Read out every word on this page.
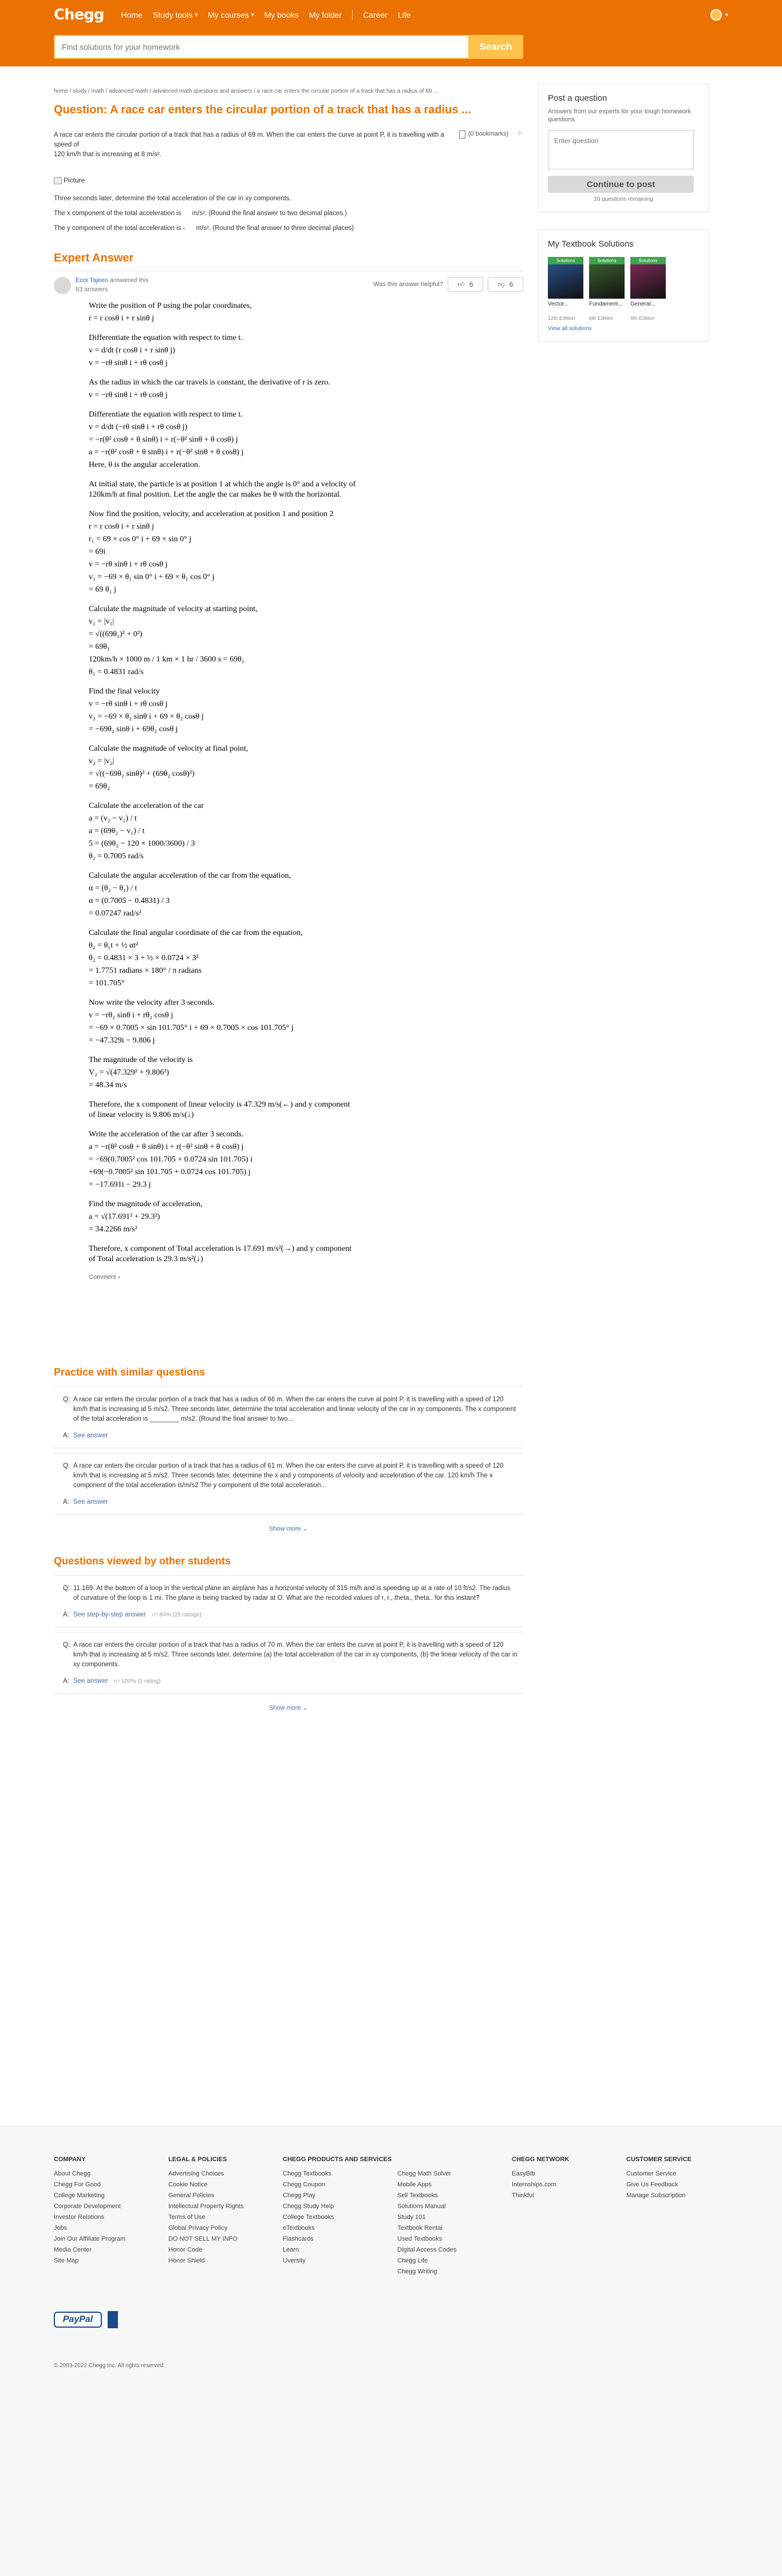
Chegg Home Study tools ▾ My courses ▾ My books My folder	Career Life	▾
Find solutions for your homework
Search
home / study / math / advanced math / advanced math questions and answers / a race car enters the circular portion of a track that has a radius of 69 ...
Question: A race car enters the circular portion of a track that has a radius ...
(0 bookmarks) ⚐

A race car enters the circular portion of a track that has a radius of 69 m. When the car enters the curve at point P, it is travelling with a speed of

120 km/h that is increasing at 8 m/s².

Picture
Three seconds later, determine the total acceleration of the car in xy components.
The x component of the total acceleration is m/s². (Round the final answer to two decimal places.)
The y component of the total acceleration is - m/s². (Round the final answer to three decimal places)
Expert Answer
Ecoi Tajeeo answered this
83 answers
Was this answer helpful? 👍︎ 6	👎︎ 6
Write the position of P using the polar coordinates,
r = r cosθ i + r sinθ j
Differentiate the equation with respect to time t.
v = d/dt (r cosθ i + r sinθ j)
v = −rθ sinθ i + rθ cosθ j
As the radius in which the car travels is constant, the derivative of r is zero.
v = −rθ sinθ i + rθ cosθ j
Differentiate the equation with respect to time t.
v = d/dt (−rθ sinθ i + rθ cosθ j)
= −r(θ² cosθ + θ sinθ) i + r(−θ² sinθ + θ cosθ) j
a = −r(θ² cosθ + θ sinθ) i + r(−θ² sinθ + θ cosθ) j
Here, θ is the angular acceleration.
At initial state, the particle is at position 1 at which the angle is 0° and a velocity of 120km/h at final position. Let the angle the car makes be θ with the horizontal.
Now find the position, velocity, and acceleration at position 1 and position 2
r = r cosθ i + r sinθ j
r₁ = 69 × cos 0° i + 69 × sin 0° j
= 69i
v = −rθ sinθ i + rθ cosθ j
v₁ = −69 × θ₁ sin 0° i + 69 × θ₁ cos 0° j
= 69 θ₁ j
Calculate the magnitude of velocity at starting point,
v₁ = |v₁|
= √((69θ₁)² + 0²)
= 69θ₁
120km/h × 1000 m / 1 km × 1 hr / 3600 s = 69θ₁
θ₁ = 0.4831 rad/s
Find the final velocity
v = −rθ sinθ i + rθ cosθ j
v₂ = −69 × θ₂ sinθ i + 69 × θ₂ cosθ j
= −69θ₂ sinθ i + 69θ₂ cosθ j
Calculate the magnitude of velocity at final point,
v₂ = |v₂|
= √((−69θ₂ sinθ)² + (69θ₂ cosθ)²)
= 69θ₂
Calculate the acceleration of the car
a = (v₂ − v₁) / t
a = (69θ₂ − v₁) / t
5 = (69θ₂ − 120 × 1000/3600) / 3
θ₂ = 0.7005 rad/s
Calculate the angular acceleration of the car from the equation,
α = (θ₂ − θ₁) / t
α = (0.7005 − 0.4831) / 3
= 0.07247 rad/s²
Calculate the final angular coordinate of the car from the equation,
θ₂ = θ₁t + ½ αt²
θ₂ = 0.4831 × 3 + ½ × 0.0724 × 3²
= 1.7751 radians × 180° / π radians
= 101.705°
Now write the velocity after 3 seconds.
v = −rθ₂ sinθ i + rθ₂ cosθ j
= −69 × 0.7005 × sin 101.705° i + 69 × 0.7005 × cos 101.705° j
= −47.329i − 9.806 j
The magnitude of the velocity is
V₂ = √(47.329² + 9.806²)
= 48.34 m/s
Therefore, the x component of linear velocity is 47.329 m/s(←) and y component of linear velocity is 9.806 m/s(↓)
Write the acceleration of the car after 3 seconds.
a = −r(θ² cosθ + θ sinθ) i + r(−θ² sinθ + θ cosθ) j
= −69(0.7005² cos 101.705 + 0.0724 sin 101.705) i
+69(−0.7005² sin 101.705 + 0.0724 cos 101.705) j
= −17.691i − 29.3 j
Find the magnitude of acceleration,
a = √(17.691² + 29.3²)
= 34.2266 m/s²
Therefore, x component of Total acceleration is 17.691 m/s²(→) and y component of Total acceleration is 29.3 m/s²(↓)
Comment ›
Practice with similar questions
Q: A race car enters the circular portion of a track that has a radius of 66 m. When the car enters the curve at point P, it is travelling with a speed of 120 km/h that is increasing at 5 m/s2. Three seconds later, determine the total acceleration and linear velocity of the car in xy components. The x component of the total acceleration is ________ m/s2. (Round the final answer to two...
A: See answer
Q: A race car enters the circular portion of a track that has a radius of 61 m. When the car enters the curve at point P, it is travelling with a speed of 120 km/h that is increasing at 5 m/s2. Three seconds later, determine the x and y components of velocity and acceleration of the car. 120 km/h The x component of the total acceleration is/m/s2 The y component of the total acceleration...
A: See answer
Show more ⌄
Questions viewed by other students
Q: 11.169: At the bottom of a loop in the vertical plane an airplane has a horizontal velocity of 315 mi/h and is speeding up at a rate of 10 ft/s2. The radius of curvature of the loop is 1 mi. The plane is being tracked by radar at O. What are the recorded values of r, r., theta., theta.. for this instant?
A: See step-by-step answer 👍︎ 84% (25 ratings)
Q: A race car enters the circular portion of a track that has a radius of 70 m. When the car enters the curve at point P, it is travelling with a speed of 120 km/h that is increasing at 5 m/s2. Three seconds later, determine (a) the total acceleration of the car in xy components, (b) the linear velocity of the car in xy components.
A: See answer 👍︎ 100% (1 rating)
Show more ⌄
Post a question
Answers from our experts for your tough homework questions
Enter question Continue to post
20 questions remaining
My Textbook Solutions
Solutions
Vector...
12th Edition
Solutions
Fundament...
6th Edition
Solutions
General...
4th Edition
View all solutions
COMPANY
About Chegg
Chegg For Good
College Marketing
Corporate Development
Investor Relations
Jobs
Join Our Affiliate Program
Media Center
Site Map
LEGAL & POLICIES
Advertising Choices
Cookie Notice
General Policies
Intellectual Property Rights
Terms of Use
Global Privacy Policy
DO NOT SELL MY INFO
Honor Code
Honor Shield
CHEGG PRODUCTS AND SERVICES
Chegg Textbooks
Chegg Coupon
Chegg Play
Chegg Study Help
College Textbooks
eTextbooks
Flashcards
Learn
Uversity
Chegg Math Solver
Mobile Apps
Sell Textbooks
Solutions Manual
Study 101
Textbook Rental
Used Textbooks
Digital Access Codes
Chegg Life
Chegg Writing
CHEGG NETWORK
EasyBib
Internships.com
Thinkful
CUSTOMER SERVICE
Customer Service
Give Us Feedback
Manage Subscription
PayPal
© 2003-2022 Chegg Inc. All rights reserved.
